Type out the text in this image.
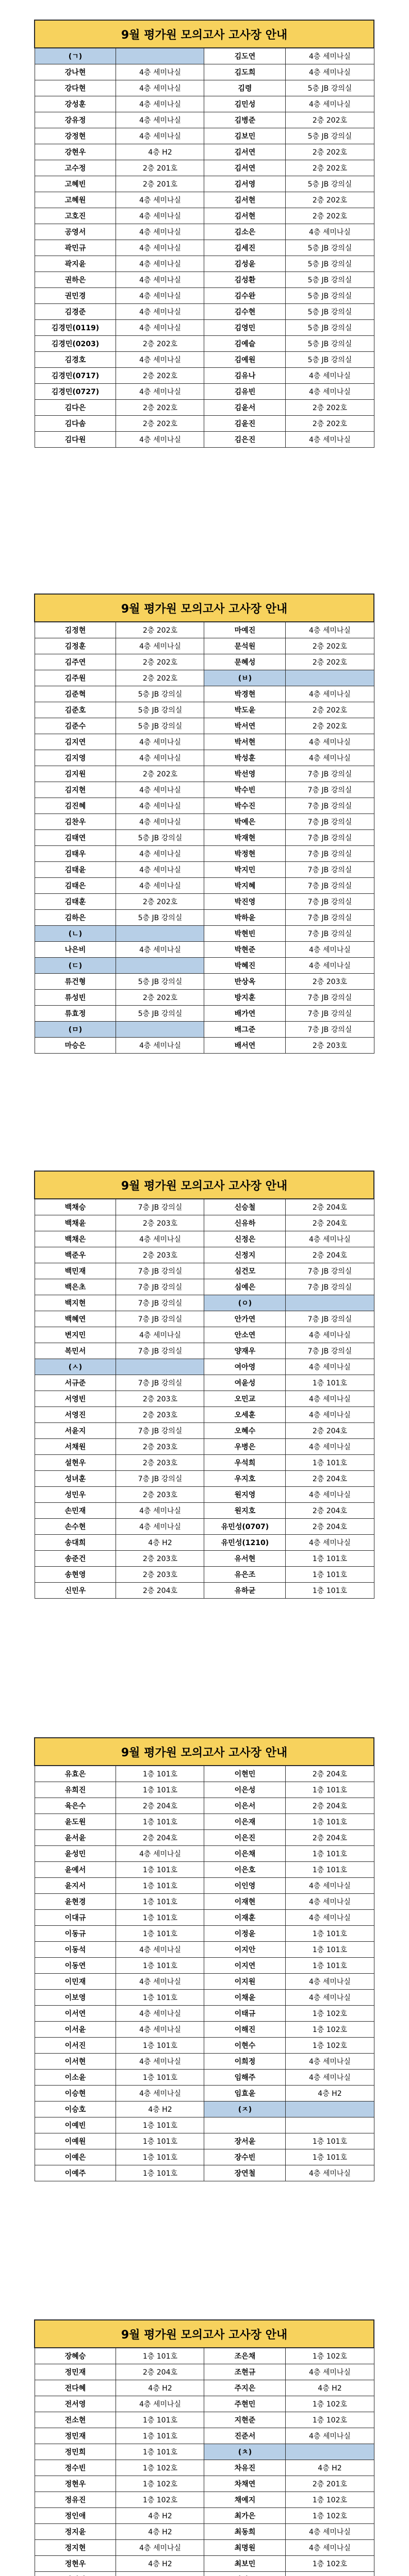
9월 평가원 모의고사 고사장 안내			
(ㄱ)		김도연	4층 세미나실
강나현	4층 세미나실	김도희	4층 세미나실
강다현	4층 세미나실	김령	5층 JB 강의실
강성훈	4층 세미나실	김민성	4층 세미나실
강유정	4층 세미나실	김병준	2층 202호
강정현	4층 세미나실	김보민	5층 JB 강의실
강현우	4층 H2	김서연	2층 202호
고수정	2층 201호	김서연	2층 202호
고혜빈	2층 201호	김서영	5층 JB 강의실
고혜원	4층 세미나실	김서현	2층 202호
고호진	4층 세미나실	김서현	2층 202호
공영서	4층 세미나실	김소은	4층 세미나실
곽민규	4층 세미나실	김세진	5층 JB 강의실
곽지윤	4층 세미나실	김성윤	5층 JB 강의실
권하은	4층 세미나실	김성환	5층 JB 강의실
권민경	4층 세미나실	김수완	5층 JB 강의실
김경준	4층 세미나실	김수현	5층 JB 강의실
김경민(0119)	4층 세미나실	김영민	5층 JB 강의실
김경민(0203)	2층 202호	김예슬	5층 JB 강의실
김경호	4층 세미나실	김예원	5층 JB 강의실
김경민(0717)	2층 202호	김유나	4층 세미나실
김경민(0727)	4층 세미나실	김유빈	4층 세미나실
김다은	2층 202호	김윤서	2층 202호
김다솜	2층 202호	김윤진	2층 202호
김다원	4층 세미나실	김은진	4층 세미나실
9월 평가원 모의고사 고사장 안내			
김정현	2층 202호	마예진	4층 세미나실
김정훈	4층 세미나실	문석원	2층 202호
김주연	2층 202호	문혜성	2층 202호
김주원	2층 202호	(ㅂ)	
김준혁	5층 JB 강의실	박경현	4층 세미나실
김준호	5층 JB 강의실	박도윤	2층 202호
김준수	5층 JB 강의실	박서연	2층 202호
김지연	4층 세미나실	박서현	4층 세미나실
김지영	4층 세미나실	박성훈	4층 세미나실
김지원	2층 202호	박선영	7층 JB 강의실
김지현	4층 세미나실	박수빈	7층 JB 강의실
김진혜	4층 세미나실	박수진	7층 JB 강의실
김찬우	4층 세미나실	박예은	7층 JB 강의실
김태연	5층 JB 강의실	박재현	7층 JB 강의실
김태우	4층 세미나실	박정현	7층 JB 강의실
김태윤	4층 세미나실	박지민	7층 JB 강의실
김태은	4층 세미나실	박지혜	7층 JB 강의실
김태훈	2층 202호	박진영	7층 JB 강의실
김하은	5층 JB 강의실	박하윤	7층 JB 강의실
(ㄴ)		박현빈	7층 JB 강의실
나은비	4층 세미나실	박현준	4층 세미나실
(ㄷ)		박혜진	4층 세미나실
류건형	5층 JB 강의실	반상옥	2층 203호
류성빈	2층 202호	방지훈	7층 JB 강의실
류효정	5층 JB 강의실	배가연	7층 JB 강의실
(ㅁ)		배그준	7층 JB 강의실
마승은	4층 세미나실	배서연	2층 203호
9월 평가원 모의고사 고사장 안내			
백채승	7층 JB 강의실	신승철	2층 204호
백채윤	2층 203호	신유하	2층 204호
백채은	4층 세미나실	신정은	4층 세미나실
백준우	2층 203호	신정지	2층 204호
백민재	7층 JB 강의실	심건모	7층 JB 강의실
백은초	7층 JB 강의실	심예은	7층 JB 강의실
백지현	7층 JB 강의실	(ㅇ)	
백혜연	7층 JB 강의실	안가연	7층 JB 강의실
변지민	4층 세미나실	안소연	4층 세미나실
복민서	7층 JB 강의실	양재우	7층 JB 강의실
(ㅅ)		여아영	4층 세미나실
서규준	7층 JB 강의실	여윤성	1층 101호
서영빈	2층 203호	오민교	4층 세미나실
서영진	2층 203호	오세훈	4층 세미나실
서윤지	7층 JB 강의실	오혜수	2층 204호
서채원	2층 203호	우병은	4층 세미나실
설현우	2층 203호	우석희	1층 101호
성녀훈	7층 JB 강의실	우지호	2층 204호
성민우	2층 203호	원지영	4층 세미나실
손민재	4층 세미나실	원지호	2층 204호
손수현	4층 세미나실	유민성(0707)	2층 204호
송대희	4층 H2	유민성(1210)	4층 세미나실
송준건	2층 203호	유서현	1층 101호
송현영	2층 203호	유은조	1층 101호
신민우	2층 204호	유하균	1층 101호
9월 평가원 모의고사 고사장 안내			
유효은	1층 101호	이현민	2층 204호
유희진	1층 101호	이은성	1층 101호
육은수	2층 204호	이은서	2층 204호
윤도원	1층 101호	이은재	1층 101호
윤서윤	2층 204호	이은진	2층 204호
윤성민	4층 세미나실	이은채	1층 101호
윤예서	1층 101호	이은호	1층 101호
윤지서	1층 101호	이인영	4층 세미나실
윤현경	1층 101호	이재현	4층 세미나실
이대규	1층 101호	이재훈	4층 세미나실
이동규	1층 101호	이정윤	1층 101호
이동석	4층 세미나실	이지안	1층 101호
이동연	1층 101호	이지연	1층 101호
이민재	4층 세미나실	이지원	4층 세미나실
이보영	1층 101호	이채윤	4층 세미나실
이서연	4층 세미나실	이태규	1층 102호
이서윤	4층 세미나실	이해진	1층 102호
이서진	1층 101호	이현수	1층 102호
이서현	4층 세미나실	이희정	4층 세미나실
이소윤	1층 101호	임해주	4층 세미나실
이승현	4층 세미나실	임효윤	4층 H2
이승호	4층 H2	(ㅈ)	
이예빈	1층 101호		
이예원	1층 101호	장서윤	1층 101호
이예은	1층 101호	장수빈	1층 101호
이예주	1층 101호	장연철	4층 세미나실
9월 평가원 모의고사 고사장 안내			
장혜승	1층 101호	조은채	1층 102호
정민재	2층 204호	조현규	4층 세미나실
전다혜	4층 H2	주지은	4층 H2
전서영	4층 세미나실	주현민	1층 102호
전소현	1층 101호	지현준	1층 102호
정민재	1층 101호	진준서	4층 세미나실
정민희	1층 101호	(ㅊ)	
정수빈	1층 102호	차유진	4층 H2
정현우	1층 102호	차채연	2층 201호
정유진	1층 102호	채예지	1층 102호
정인애	4층 H2	최가은	1층 102호
정지윤	4층 H2	최동희	4층 세미나실
정지현	4층 세미나실	최명원	4층 세미나실
정현우	4층 H2	최보민	1층 102호
